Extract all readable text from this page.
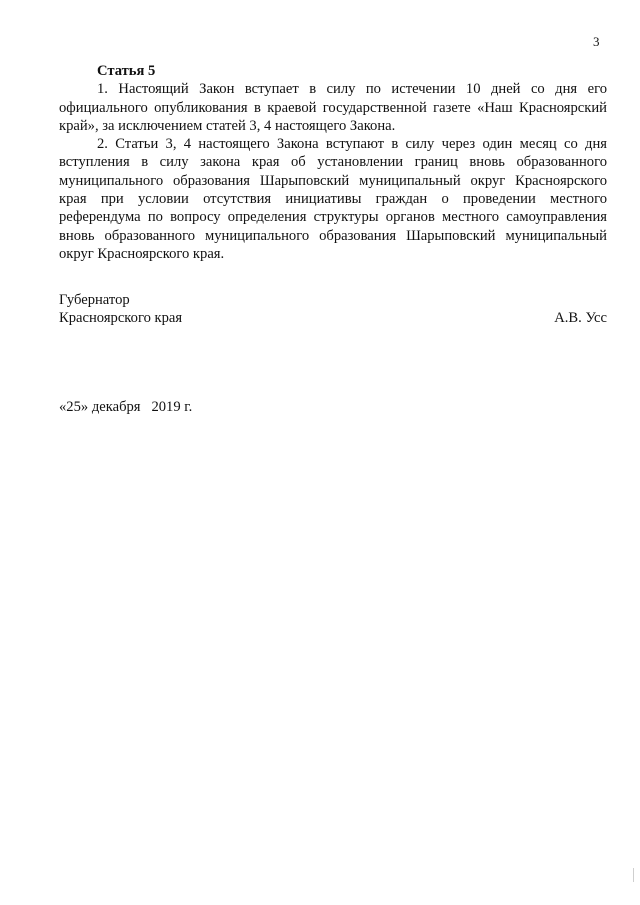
3

Статья 5

1. Настоящий Закон вступает в силу по истечении 10 дней со дня его официального опубликования в краевой государственной газете «Наш Красноярский край», за исключением статей 3, 4 настоящего Закона.

2. Статьи 3, 4 настоящего Закона вступают в силу через один месяц со дня вступления в силу закона края об установлении границ вновь образованного муниципального образования Шарыповский муниципальный округ Красноярского края при условии отсутствия инициативы граждан о проведении местного референдума по вопросу определения структуры органов местного самоуправления вновь образованного муниципального образования Шарыповский муниципальный округ Красноярского края.

Губернатор
Красноярского края	А.В. Усс
«25» декабря   2019 г.
